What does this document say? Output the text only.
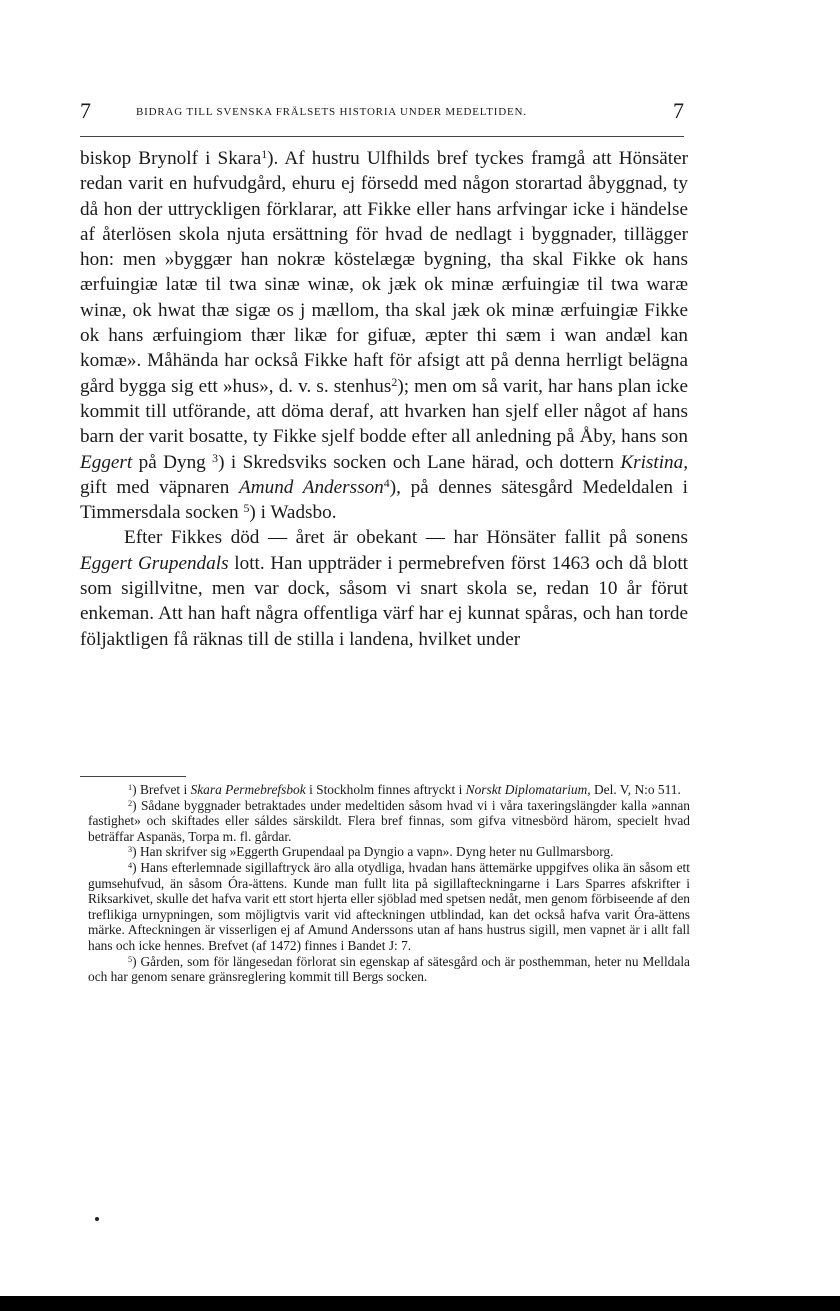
7	BIDRAG TILL SVENSKA FRÄLSETS HISTORIA UNDER MEDELTIDEN.	7

biskop Brynolf i Skara$^1$). Af hustru Ulfhilds bref tyckes framgå att Hönsäter redan varit en hufvudgård, ehuru ej försedd med någon storartad åbyggnad, ty då hon der uttryckligen förklarar, att Fikke eller hans arfvingar icke i händelse af återlösen skola njuta ersättning för hvad de nedlagt i byggnader, tillägger hon: men »byggær han nokræ köstelægæ bygning, tha skal Fikke ok hans ærfuingiæ latæ til twa sinæ winæ, ok jæk ok minæ ærfuingiæ til twa waræ winæ, ok hwat thæ sigæ os j mællom, tha skal jæk ok minæ ærfuingiæ Fikke ok hans ærfuingiom thær likæ for gifuæ, æpter thi sæm i wan andæl kan komæ». Måhända har också Fikke haft för afsigt att på denna herrligt belägna gård bygga sig ett »hus», d. v. s. stenhus$^2$); men om så varit, har hans plan icke kommit till utförande, att döma deraf, att hvarken han sjelf eller något af hans barn der varit bosatte, ty Fikke sjelf bodde efter all anledning på Åby, hans son Eggert på Dyng $^3$) i Skredsviks socken och Lane härad, och dottern Kristina, gift med väpnaren Amund Andersson$^4$), på dennes sätesgård Medeldalen i Timmersdala socken $^5$) i Wadsbo.

Efter Fikkes död — året är obekant — har Hönsäter fallit på sonens Eggert Grupendals lott. Han uppträder i permebrefven först 1463 och då blott som sigillvitne, men var dock, såsom vi snart skola se, redan 10 år förut enkeman. Att han haft några offentliga värf har ej kunnat spåras, och han torde följaktligen få räknas till de stilla i landena, hvilket under

$^1$) Brefvet i Skara Permebrefsbok i Stockholm finnes aftryckt i Norskt Diplomatarium, Del. V, N:o 511.

$^2$) Sådane byggnader betraktades under medeltiden såsom hvad vi i våra taxeringslängder kalla »annan fastighet» och skiftades eller sáldes särskildt. Flera bref finnas, som gifva vitnesbörd härom, specielt hvad beträffar Aspanäs, Torpa m. fl. gårdar.

$^3$) Han skrifver sig »Eggerth Grupendaal pa Dyngio a vapn». Dyng heter nu Gullmarsborg.

$^4$) Hans efterlemnade sigillaftryck äro alla otydliga, hvadan hans ättemärke uppgifves olika än såsom ett gumsehufvud, än såsom Óra-ättens. Kunde man fullt lita på sigillafteckningarne i Lars Sparres afskrifter i Riksarkivet, skulle det hafva varit ett stort hjerta eller sjöblad med spetsen nedåt, men genom förbiseende af den treflikiga urnypningen, som möjligtvis varit vid afteckningen utblindad, kan det också hafva varit Óra-ättens märke. Afteckningen är visserligen ej af Amund Anderssons utan af hans hustrus sigill, men vapnet är i allt fall hans och icke hennes. Brefvet (af 1472) finnes i Bandet J: 7.

$^5$) Gården, som för längesedan förlorat sin egenskap af sätesgård och är posthemman, heter nu Melldala och har genom senare gränsreglering kommit till Bergs socken.
